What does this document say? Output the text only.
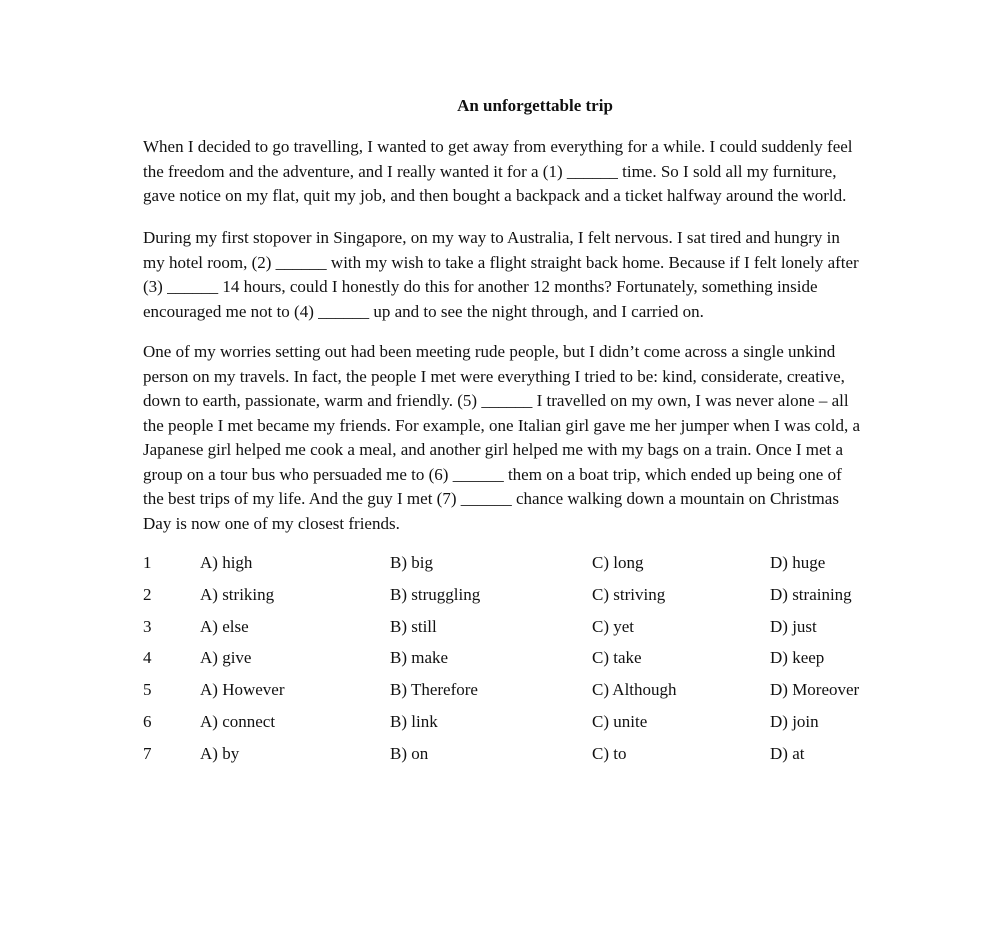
An unforgettable trip

When I decided to go travelling, I wanted to get away from everything for a while. I could suddenly feel
the freedom and the adventure, and I really wanted it for a (1) ______ time. So I sold all my furniture,
gave notice on my flat, quit my job, and then bought a backpack and a ticket halfway around the world.

During my first stopover in Singapore, on my way to Australia, I felt nervous. I sat tired and hungry in
my hotel room, (2) ______ with my wish to take a flight straight back home. Because if I felt lonely after
(3) ______ 14 hours, could I honestly do this for another 12 months? Fortunately, something inside
encouraged me not to (4) ______ up and to see the night through, and I carried on.

One of my worries setting out had been meeting rude people, but I didn’t come across a single unkind
person on my travels. In fact, the people I met were everything I tried to be: kind, considerate, creative,
down to earth, passionate, warm and friendly. (5) ______ I travelled on my own, I was never alone – all
the people I met became my friends. For example, one Italian girl gave me her jumper when I was cold, a
Japanese girl helped me cook a meal, and another girl helped me with my bags on a train. Once I met a
group on a tour bus who persuaded me to (6) ______ them on a boat trip, which ended up being one of
the best trips of my life. And the guy I met (7) ______ chance walking down a mountain on Christmas
Day is now one of my closest friends.

1	A) high	B) big	C) long	D) huge
2	A) striking	B) struggling	C) striving	D) straining
3	A) else	B) still	C) yet	D) just
4	A) give	B) make	C) take	D) keep
5	A) However	B) Therefore	C) Although	D) Moreover
6	A) connect	B) link	C) unite	D) join
7	A) by	B) on	C) to	D) at
